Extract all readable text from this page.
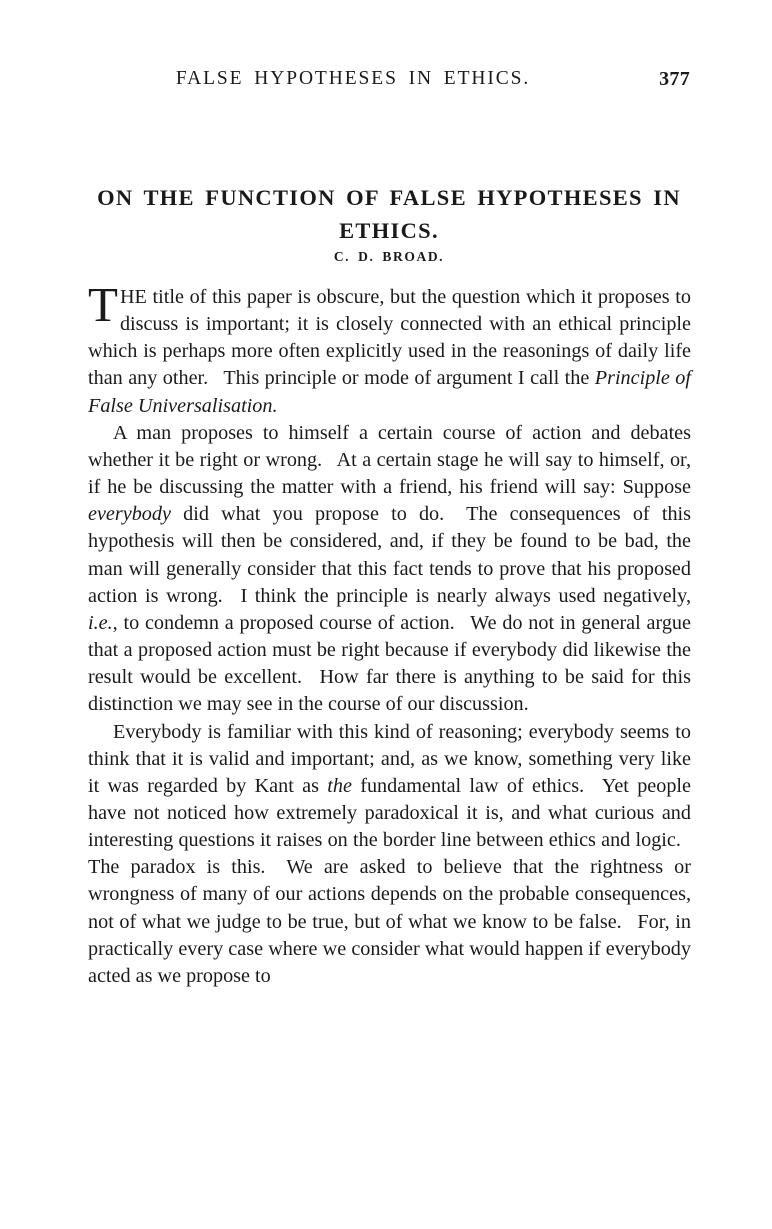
FALSE HYPOTHESES IN ETHICS.	377
ON THE FUNCTION OF FALSE HYPOTHESES IN ETHICS.
C. D. BROAD.

THE title of this paper is obscure, but the question which it proposes to discuss is important; it is closely connected with an ethical principle which is perhaps more often explicitly used in the reasonings of daily life than any other.  This principle or mode of argument I call the Principle of False Universalisation.

A man proposes to himself a certain course of action and debates whether it be right or wrong.  At a certain stage he will say to himself, or, if he be discussing the matter with a friend, his friend will say: Suppose everybody did what you propose to do.  The consequences of this hypothesis will then be considered, and, if they be found to be bad, the man will generally consider that this fact tends to prove that his proposed action is wrong.  I think the principle is nearly always used negatively, i.e., to condemn a proposed course of action.  We do not in general argue that a proposed action must be right because if everybody did likewise the result would be excellent.  How far there is anything to be said for this distinction we may see in the course of our discussion.

Everybody is familiar with this kind of reasoning; everybody seems to think that it is valid and important; and, as we know, something very like it was regarded by Kant as the fundamental law of ethics.  Yet people have not noticed how extremely paradoxical it is, and what curious and interesting questions it raises on the border line between ethics and logic.  The paradox is this.  We are asked to believe that the rightness or wrongness of many of our actions depends on the probable consequences, not of what we judge to be true, but of what we know to be false.  For, in practically every case where we consider what would happen if everybody acted as we propose to
